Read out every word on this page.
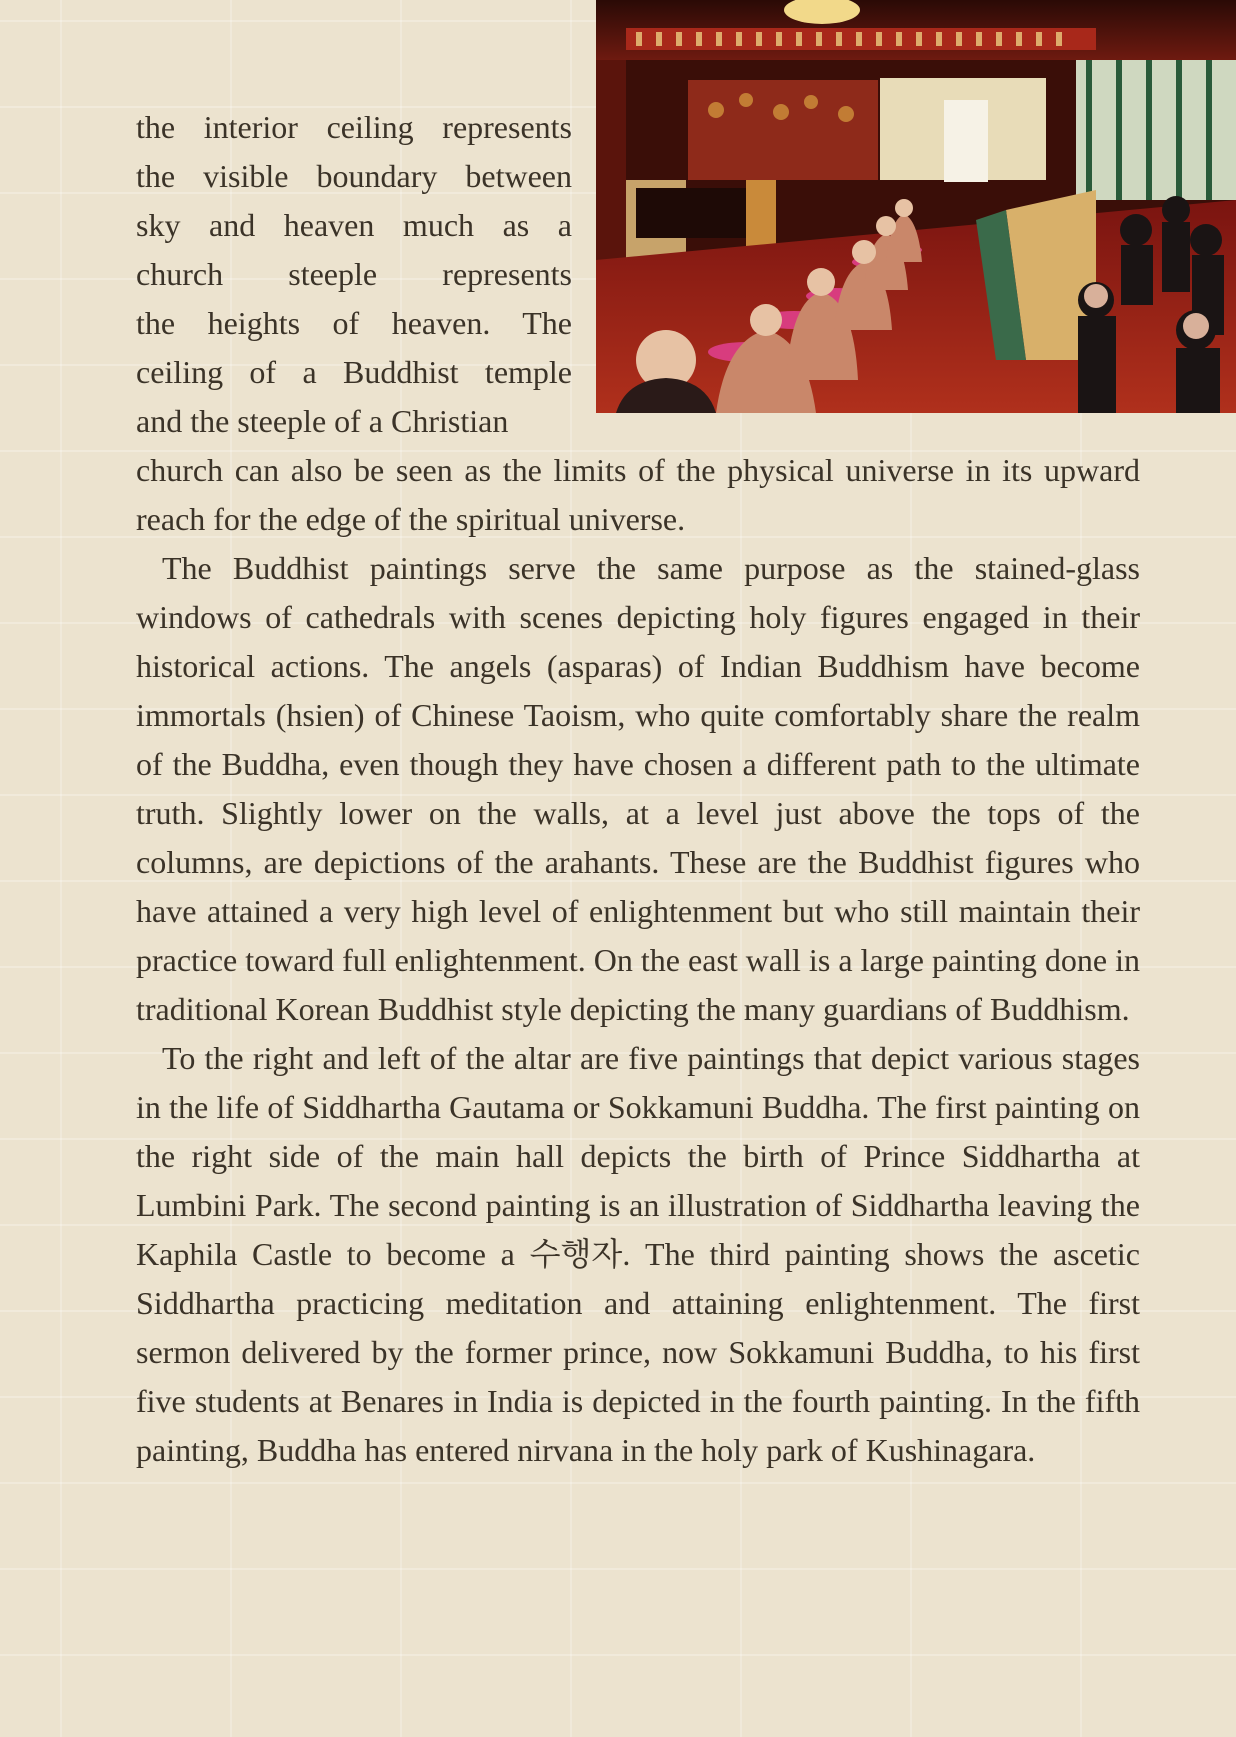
the interior ceiling represents
the visible boundary between
sky and heaven much as a
church steeple represents
the heights of heaven. The
ceiling of a Buddhist temple
and the steeple of a Christian

church can also be seen as the limits of the physical universe in its upward reach for the edge of the spiritual universe.

The Buddhist paintings serve the same purpose as the stained-glass windows of cathedrals with scenes depicting holy figures engaged in their historical actions. The angels (asparas) of Indian Buddhism have become immortals (hsien) of Chinese Taoism, who quite comfortably share the realm of the Buddha, even though they have chosen a different path to the ultimate truth. Slightly lower on the walls, at a level just above the tops of the columns, are depictions of the arahants. These are the Buddhist figures who have attained a very high level of enlightenment but who still maintain their practice toward full enlightenment. On the east wall is a large painting done in traditional Korean Buddhist style depicting the many guardians of Buddhism.

To the right and left of the altar are five paintings that depict various stages in the life of Siddhartha Gautama or Sokkamuni Buddha. The first painting on the right side of the main hall depicts the birth of Prince Siddhartha at Lumbini Park. The second painting is an illustration of Siddhartha leaving the Kaphila Castle to become a 수행자. The third painting shows the ascetic Siddhartha practicing meditation and attaining enlightenment. The first sermon delivered by the former prince, now Sokkamuni Buddha, to his first five students at Benares in India is depicted in the fourth painting. In the fifth painting, Buddha has entered nirvana in the holy park of Kushinagara.
